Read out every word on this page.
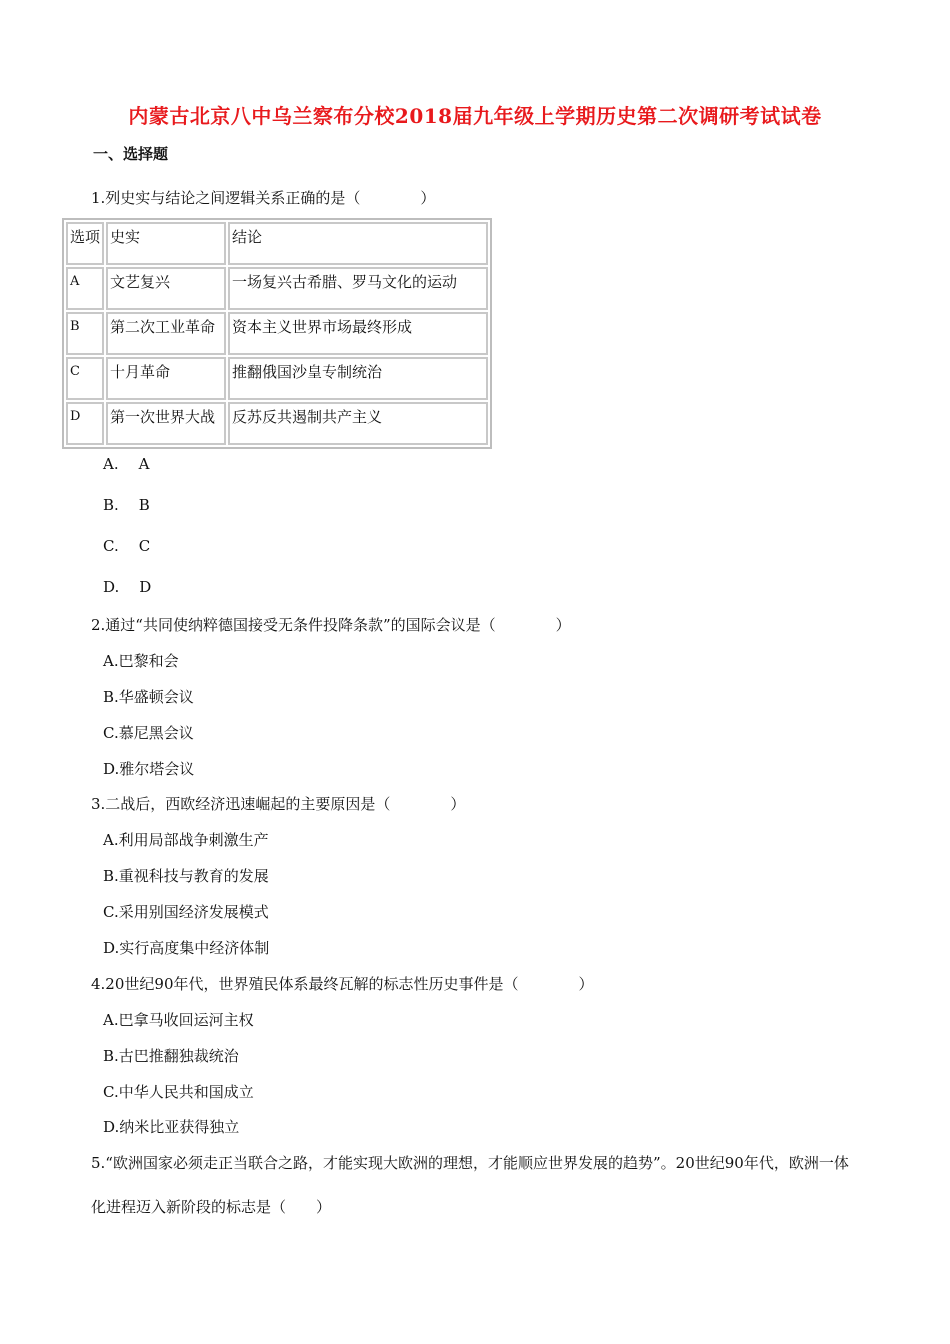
内蒙古北京八中乌兰察布分校2018届九年级上学期历史第二次调研考试试卷
一、选择题
1.列史实与结论之间逻辑关系正确的是（　　　　）
选项	史实	结论
A	文艺复兴	一场复兴古希腊、罗马文化的运动
B	第二次工业革命	资本主义世界市场最终形成
C	十月革命	推翻俄国沙皇专制统治
D	第一次世界大战	反苏反共遏制共产主义
A. A
B. B
C. C
D. D
2.通过“共同使纳粹德国接受无条件投降条款”的国际会议是（　　　　）
A.巴黎和会
B.华盛顿会议
C.慕尼黑会议
D.雅尔塔会议
3.二战后，西欧经济迅速崛起的主要原因是（　　　　）
A.利用局部战争刺激生产
B.重视科技与教育的发展
C.采用别国经济发展模式
D.实行高度集中经济体制
4.20世纪90年代，世界殖民体系最终瓦解的标志性历史事件是（　　　　）
A.巴拿马收回运河主权
B.古巴推翻独裁统治
C.中华人民共和国成立
D.纳米比亚获得独立
5.“欧洲国家必须走正当联合之路，才能实现大欧洲的理想，才能顺应世界发展的趋势”。20世纪90年代，欧洲一体化进程迈入新阶段的标志是（　　）
